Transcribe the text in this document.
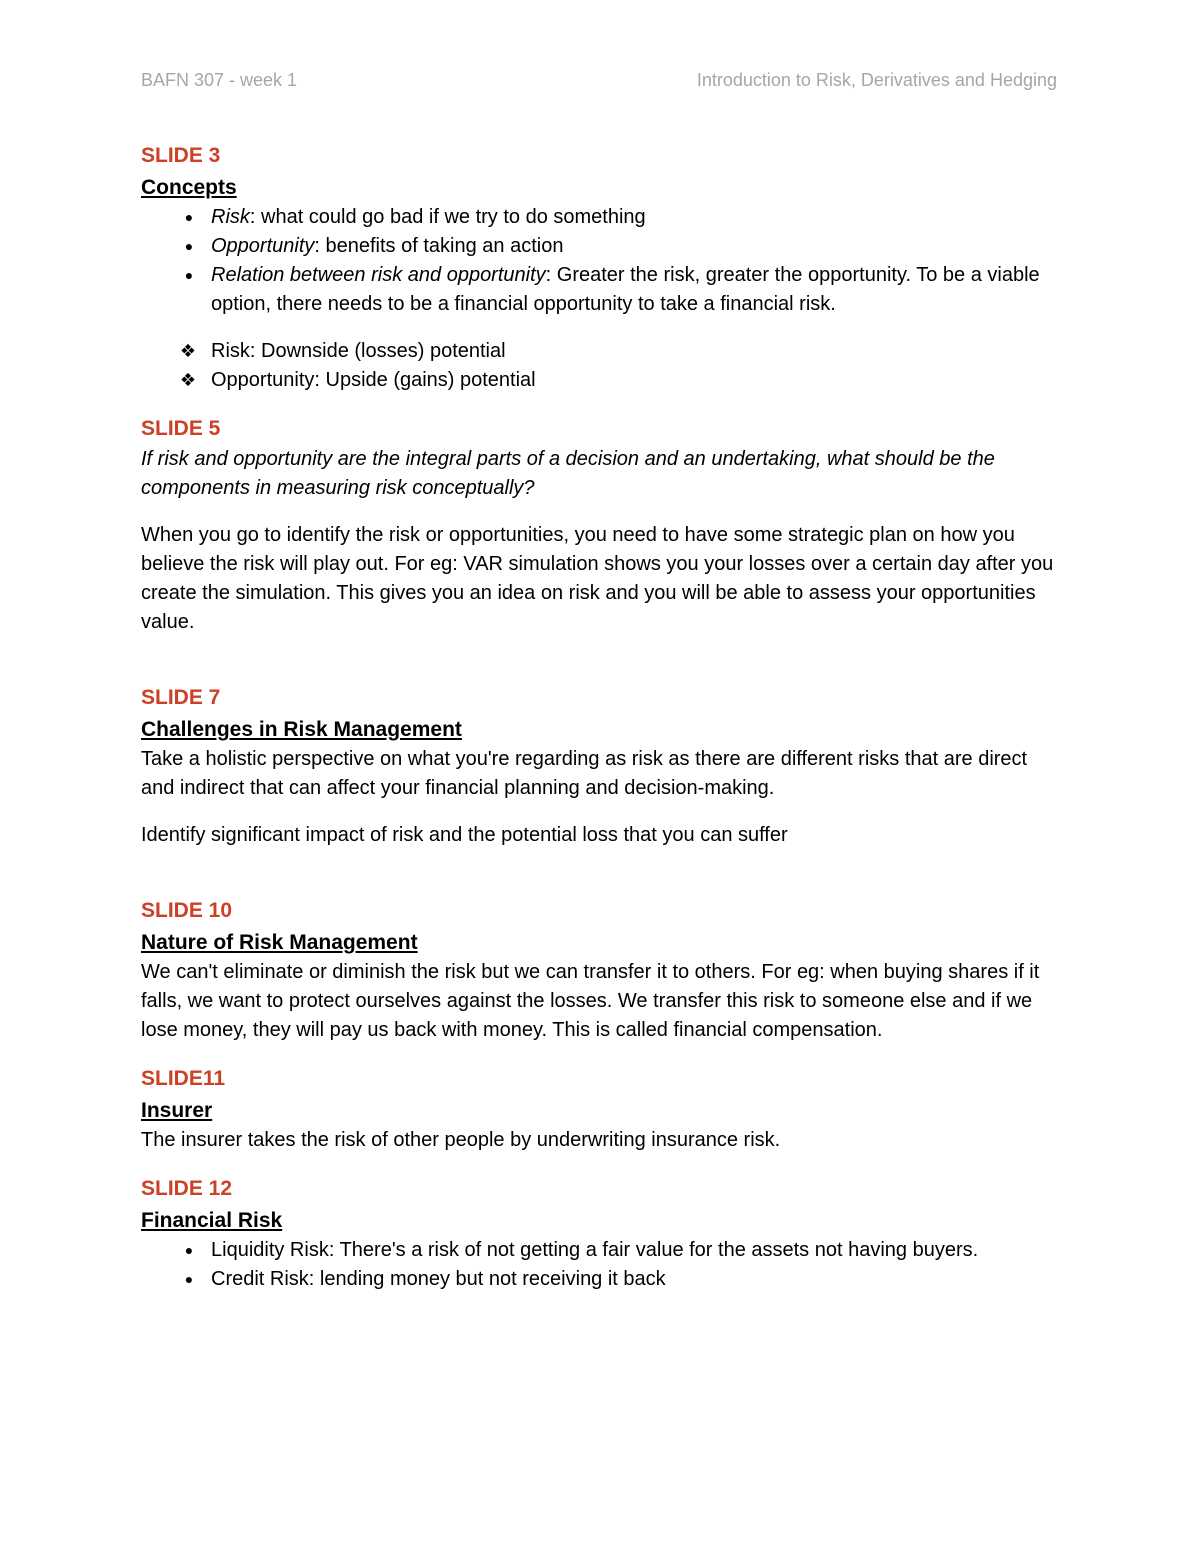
BAFN 307 - week 1	Introduction to Risk, Derivatives and Hedging

SLIDE 3

Concepts

● Risk: what could go bad if we try to do something
● Opportunity: benefits of taking an action
● Relation between risk and opportunity: Greater the risk, greater the opportunity. To be a viable option, there needs to be a financial opportunity to take a financial risk.
❖ Risk: Downside (losses) potential
❖ Opportunity: Upside (gains) potential

SLIDE 5

If risk and opportunity are the integral parts of a decision and an undertaking, what should be the components in measuring risk conceptually?

When you go to identify the risk or opportunities, you need to have some strategic plan on how you believe the risk will play out. For eg: VAR simulation shows you your losses over a certain day after you create the simulation. This gives you an idea on risk and you will be able to assess your opportunities value.

SLIDE 7

Challenges in Risk Management

Take a holistic perspective on what you're regarding as risk as there are different risks that are direct and indirect that can affect your financial planning and decision-making.

Identify significant impact of risk and the potential loss that you can suffer

SLIDE 10

Nature of Risk Management

We can't eliminate or diminish the risk but we can transfer it to others. For eg: when buying shares if it falls, we want to protect ourselves against the losses. We transfer this risk to someone else and if we lose money, they will pay us back with money. This is called financial compensation.

SLIDE11

Insurer

The insurer takes the risk of other people by underwriting insurance risk.

SLIDE 12

Financial Risk

● Liquidity Risk: There's a risk of not getting a fair value for the assets not having buyers.
● Credit Risk: lending money but not receiving it back
